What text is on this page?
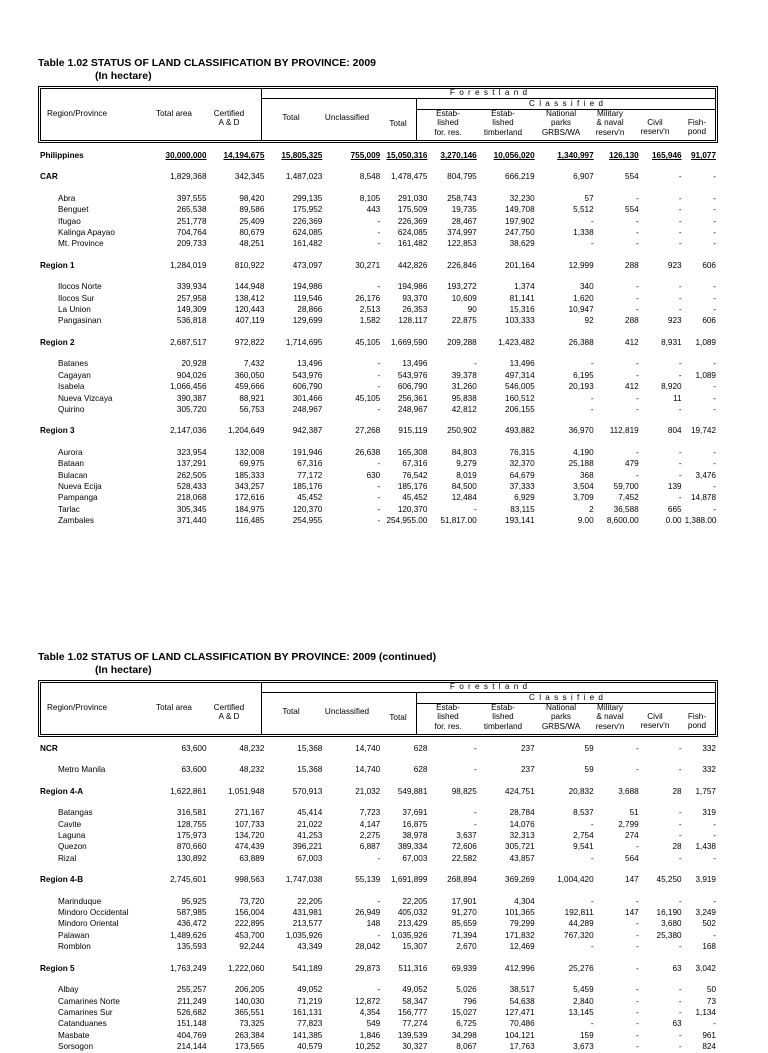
Table 1.02 STATUS OF LAND CLASSIFICATION BY PROVINCE: 2009
(In hectare)
F o r e s t l a n d
C l a s s i f i e d
Region/Province	Total area	Certified
A & D
Total	Unclassified
Total
Estab-
lished
for. res.
Estab-
lished
timberland
National
parks
GRBS/WA
Military
& naval
reserv'n
Civil
reserv'n
Fish-
pond
Philippines	30,000,000	14,194,675	15,805,325	755,009	15,050,316	3,270,146	10,056,020	1,340,997	126,130	165,946	91,077

CAR	1,829,368	342,345	1,487,023	8,548	1,478,475	804,795	666,219	6,907	554	-	-

Abra	397,555	98,420	299,135	8,105	291,030	258,743	32,230	57	-	-	-
Benguet	265,538	89,586	175,952	443	175,509	19,735	149,708	5,512	554	-	-
Ifugao	251,778	25,409	226,369	-	226,369	28,467	197,902	-	-	-	-
Kalinga Apayao	704,764	80,679	624,085	-	624,085	374,997	247,750	1,338	-	-	-
Mt. Province	209,733	48,251	161,482	-	161,482	122,853	38,629	-	-	-	-

Region 1	1,284,019	810,922	473,097	30,271	442,826	226,846	201,164	12,999	288	923	606

Ilocos Norte	339,934	144,948	194,986	-	194,986	193,272	1,374	340	-	-	-
Ilocos Sur	257,958	138,412	119,546	26,176	93,370	10,609	81,141	1,620	-	-	-
La Union	149,309	120,443	28,866	2,513	26,353	90	15,316	10,947	-	-	-
Pangasinan	536,818	407,119	129,699	1,582	128,117	22,875	103,333	92	288	923	606

Region 2	2,687,517	972,822	1,714,695	45,105	1,669,590	209,288	1,423,482	26,388	412	8,931	1,089

Batanes	20,928	7,432	13,496	-	13,496	-	13,496	-	-	-	-
Cagayan	904,026	360,050	543,976	-	543,976	39,378	497,314	6,195	-	-	1,089
Isabela	1,066,456	459,666	606,790	-	606,790	31,260	546,005	20,193	412	8,920	-
Nueva Vizcaya	390,387	88,921	301,466	45,105	256,361	95,838	160,512	-	-	11	-
Quirino	305,720	56,753	248,967	-	248,967	42,812	206,155	-	-	-	-

Region 3	2,147,036	1,204,649	942,387	27,268	915,119	250,902	493,882	36,970	112,819	804	19,742

Aurora	323,954	132,008	191,946	26,638	165,308	84,803	76,315	4,190	-	-	-
Bataan	137,291	69,975	67,316	-	67,316	9,279	32,370	25,188	479	-	-
Bulacan	262,505	185,333	77,172	630	76,542	8,019	64,679	368	-	-	3,476
Nueva Ecija	528,433	343,257	185,176	-	185,176	84,500	37,333	3,504	59,700	139	-
Pampanga	218,068	172,616	45,452	-	45,452	12,484	6,929	3,709	7,452	-	14,878
Tarlac	305,345	184,975	120,370	-	120,370	-	83,115	2	36,588	665	-
Zambales	371,440	116,485	254,955	-	254,955.00	51,817.00	193,141	9.00	8,600.00	0.00	1,388.00
Table 1.02 STATUS OF LAND CLASSIFICATION BY PROVINCE: 2009 (continued)
(In hectare)
F o r e s t l a n d
C l a s s i f i e d
Region/Province	Total area	Certified
A & D
Total	Unclassified
Total
Estab-
lished
for. res.
Estab-
lished
timberland
National
parks
GRBS/WA
Military
& naval
reserv'n
Civil
reserv'n
Fish-
pond
NCR	63,600	48,232	15,368	14,740	628	-	237	59	-	-	332

Metro Manila	63,600	48,232	15,368	14,740	628	-	237	59	-	-	332

Region 4-A	1,622,861	1,051,948	570,913	21,032	549,881	98,825	424,751	20,832	3,688	28	1,757

Batangas	316,581	271,167	45,414	7,723	37,691	-	28,784	8,537	51	-	319
Cavite	128,755	107,733	21,022	4,147	16,875	-	14,076	-	2,799	-	-
Laguna	175,973	134,720	41,253	2,275	38,978	3,637	32,313	2,754	274	-	-
Quezon	870,660	474,439	396,221	6,887	389,334	72,606	305,721	9,541	-	28	1,438
Rizal	130,892	63,889	67,003	-	67,003	22,582	43,857	-	564	-	-

Region 4-B	2,745,601	998,563	1,747,038	55,139	1,691,899	268,894	369,269	1,004,420	147	45,250	3,919

Marinduque	95,925	73,720	22,205	-	22,205	17,901	4,304	-	-	-	-
Mindoro Occidental	587,985	156,004	431,981	26,949	405,032	91,270	101,365	192,811	147	16,190	3,249
Mindoro Oriental	436,472	222,895	213,577	148	213,429	85,659	79,299	44,289	-	3,680	502
Palawan	1,489,626	453,700	1,035,926	-	1,035,926	71,394	171,832	767,320	-	25,380	-
Romblon	135,593	92,244	43,349	28,042	15,307	2,670	12,469	-	-	-	168

Region 5	1,763,249	1,222,060	541,189	29,873	511,316	69,939	412,996	25,276	-	63	3,042

Albay	255,257	206,205	49,052	-	49,052	5,026	38,517	5,459	-	-	50
Camarines Norte	211,249	140,030	71,219	12,872	58,347	796	54,638	2,840	-	-	73
Camarines Sur	526,682	365,551	161,131	4,354	156,777	15,027	127,471	13,145	-	-	1,134
Catanduanes	151,148	73,325	77,823	549	77,274	6,725	70,486	-	-	63	-
Masbate	404,769	263,384	141,385	1,846	139,539	34,298	104,121	159	-	-	961
Sorsogon	214,144	173,565	40,579	10,252	30,327	8,067	17,763	3,673	-	-	824
